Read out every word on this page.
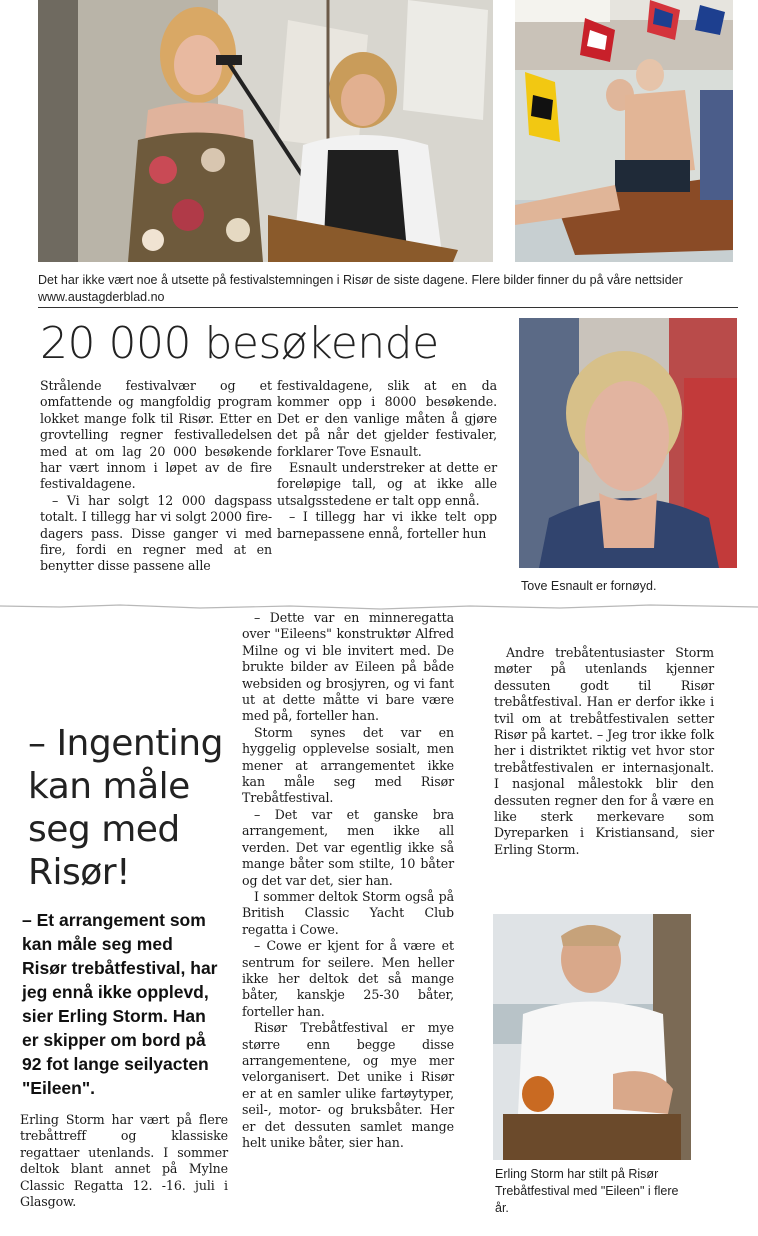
Det har ikke vært noe å utsette på festivalstemningen i Risør de siste dagene. Flere bilder finner du på våre nettsider
www.austagderblad.no
20 000 besøkende

Strålende festivalvær og et omfattende og mangfoldig program lokket mange folk til Risør. Etter en grovtelling regner festivalledelsen med at om lag 20 000 besøkende har vært innom i løpet av de fire festivaldagene.

– Vi har solgt 12 000 dagspass totalt. I tillegg har vi solgt 2000 fire-dagers pass. Disse ganger vi med fire, fordi en regner med at en benytter disse passene alle

festivaldagene, slik at en da kommer opp i 8000 besøkende. Det er den vanlige måten å gjøre det på når det gjelder festivaler, forklarer Tove Esnault.

Esnault understreker at dette er foreløpige tall, og at ikke alle utsalgsstedene er talt opp ennå.

– I tillegg har vi ikke telt opp barnepassene ennå, forteller hun

Tove Esnault er fornøyd.
– Ingenting kan måle seg med Risør!
– Et arrangement som kan måle seg med Risør trebåtfestival, har jeg ennå ikke opplevd, sier Erling Storm. Han er skipper om bord på 92 fot lange seilyacten "Eileen".

Erling Storm har vært på flere trebåttreff og klassiske regattaer utenlands. I sommer deltok blant annet på Mylne Classic Regatta 12. -16. juli i Glasgow.

– Dette var en minneregatta over "Eileens" konstruktør Alfred Milne og vi ble invitert med. De brukte bilder av Eileen på både websiden og brosjyren, og vi fant ut at dette måtte vi bare være med på, forteller han.

Storm synes det var en hyggelig opplevelse sosialt, men mener at arrangementet ikke kan måle seg med Risør Trebåtfestival.

– Det var et ganske bra arrangement, men ikke all verden. Det var egentlig ikke så mange båter som stilte, 10 båter og det var det, sier han.

I sommer deltok Storm også på British Classic Yacht Club regatta i Cowe.

– Cowe er kjent for å være et sentrum for seilere. Men heller ikke her deltok det så mange båter, kanskje 25-30 båter, forteller han.

Risør Trebåtfestival er mye større enn begge disse arrangementene, og mye mer velorganisert. Det unike i Risør er at en samler ulike fartøytyper, seil-, motor- og bruksbåter. Her er det dessuten samlet mange helt unike båter, sier han.

Andre trebåtentusiaster Storm møter på utenlands kjenner dessuten godt til Risør trebåtfestival. Han er derfor ikke i tvil om at trebåtfestivalen setter Risør på kartet. – Jeg tror ikke folk her i distriktet riktig vet hvor stor trebåtfestivalen er internasjonalt. I nasjonal målestokk blir den dessuten regner den for å være en like sterk merkevare som Dyreparken i Kristiansand, sier Erling Storm.

Erling Storm har stilt på Risør Trebåtfestival med "Eileen" i flere år.
